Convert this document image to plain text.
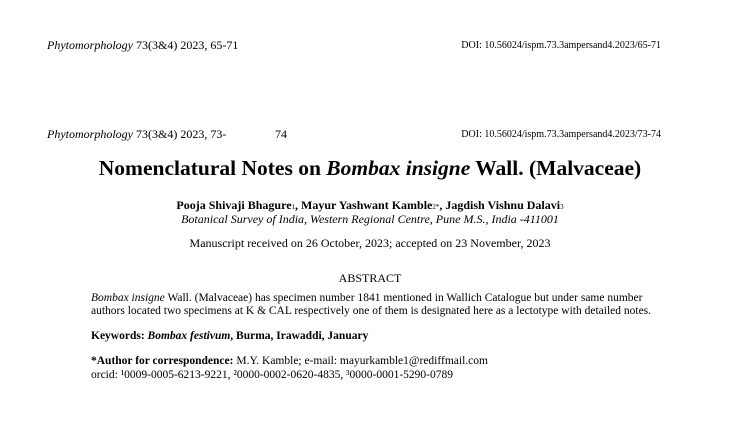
Phytomorphology 73(3&4) 2023, 65-71	DOI: 10.56024/ispm.73.3ampersand4.2023/65-71
Phytomorphology 73(3&4) 2023, 73-	74	DOI: 10.56024/ispm.73.3ampersand4.2023/73-74
Nomenclatural Notes on Bombax insigne Wall. (Malvaceae)
Pooja Shivaji Bhagure1, Mayur Yashwant Kamble2*, Jagdish Vishnu Dalavi3
Botanical Survey of India, Western Regional Centre, Pune M.S., India -411001
Manuscript received on 26 October, 2023; accepted on 23 November, 2023
ABSTRACT
Bombax insigne Wall. (Malvaceae) has specimen number 1841 mentioned in Wallich Catalogue but under same number
authors located two specimens at K & CAL respectively one of them is designated here as a lectotype with detailed notes.
Keywords: Bombax festivum, Burma, Irawaddi, January
*Author for correspondence: M.Y. Kamble; e-mail: mayurkamble1@rediffmail.com
orcid: ¹0009-0005-6213-9221, ²0000-0002-0620-4835, ³0000-0001-5290-0789
